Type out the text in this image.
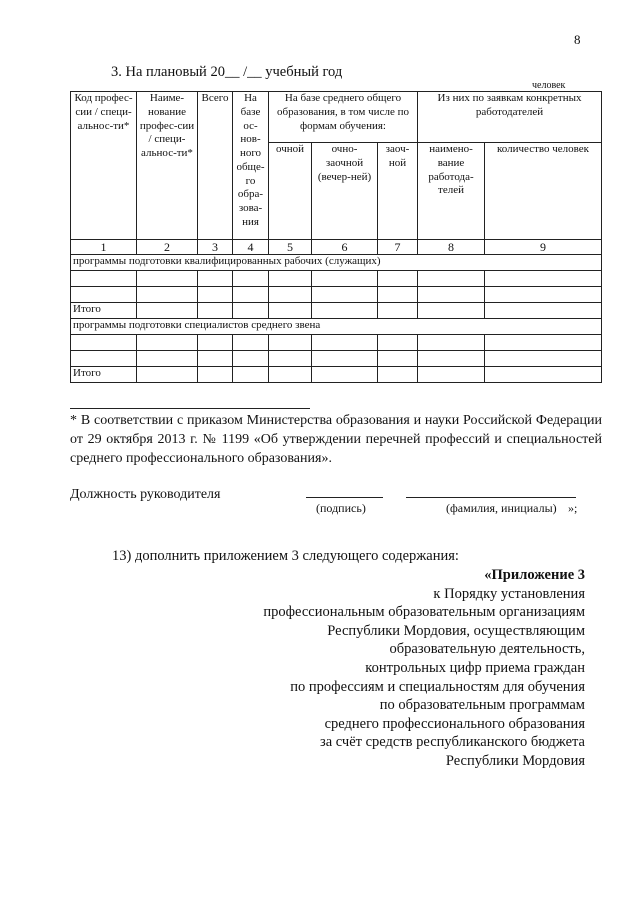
8
3. На плановый 20__ /__ учебный год
человек
Код профес-сии / специ-альнос-ти*	Наиме-нование профес-сии / специ-альнос-ти*	Всего	На базе ос-нов-ного обще-го обра-зова-ния	На базе среднего общего образования, в том числе по формам обучения:			Из них по заявкам конкретных работодателей	
				очной	очно-заочной (вечер-ней)	заоч-ной	наимено-вание работода-телей	количество человек
1	2	3	4	5	6	7	8	9
программы подготовки квалифицированных рабочих (служащих)								

Итого								
программы подготовки специалистов среднего звена								

Итого								
* В соответствии с приказом Министерства образования и науки Российской Федерации от 29 октября 2013 г. № 1199 «Об утверждении перечней профессий и специальностей среднего профессионального образования».
Должность руководителя
(подпись)	(фамилия, инициалы) »;
13) дополнить приложением 3 следующего содержания:
«Приложение 3
к Порядку установления
профессиональным образовательным организациям
Республики Мордовия, осуществляющим
образовательную деятельность,
контрольных цифр приема граждан
по профессиям и специальностям для обучения
по образовательным программам
среднего профессионального образования
за счёт средств республиканского бюджета
Республики Мордовия
